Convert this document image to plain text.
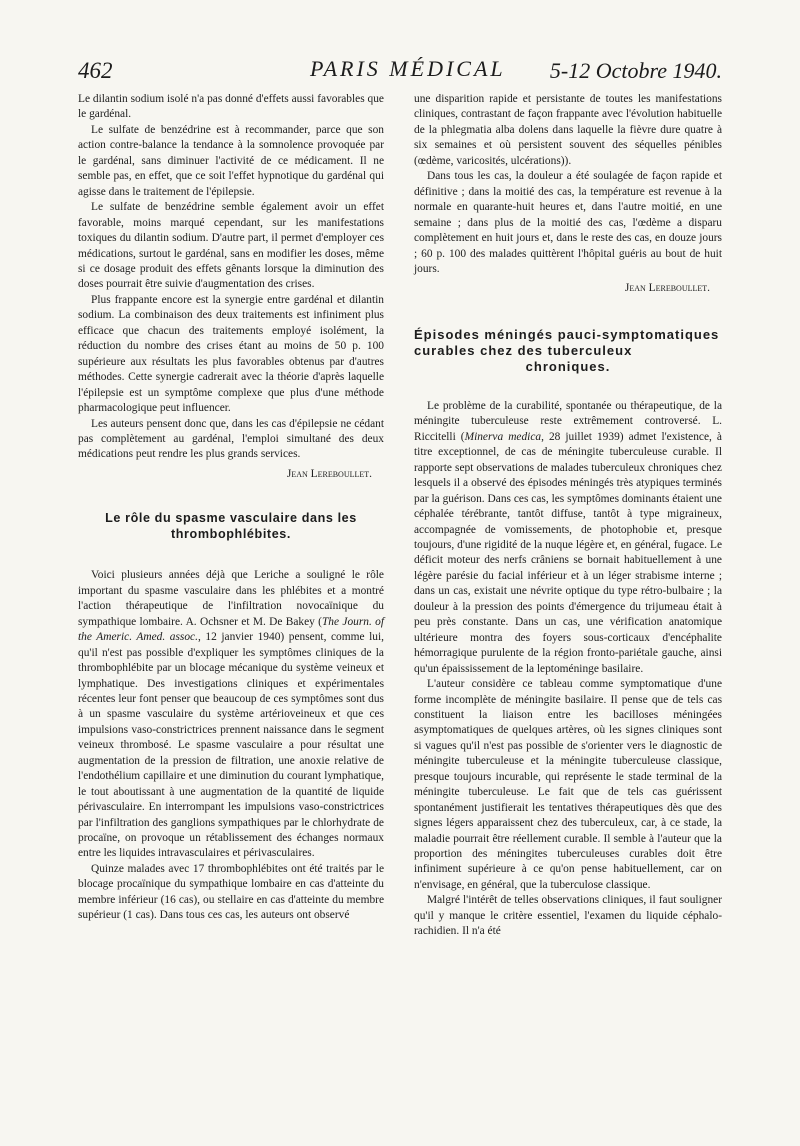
462	PARIS MÉDICAL 5-12 Octobre 1940.

Le dilantin sodium isolé n'a pas donné d'effets aussi favorables que le gardénal.

Le sulfate de benzédrine est à recommander, parce que son action contre-balance la tendance à la somnolence provoquée par le gardénal, sans diminuer l'activité de ce médicament. Il ne semble pas, en effet, que ce soit l'effet hypnotique du gardénal qui agisse dans le traitement de l'épilepsie.

Le sulfate de benzédrine semble également avoir un effet favorable, moins marqué cependant, sur les manifestations toxiques du dilantin sodium. D'autre part, il permet d'employer ces médications, surtout le gardénal, sans en modifier les doses, même si ce dosage produit des effets gênants lorsque la diminution des doses pourrait être suivie d'augmentation des crises.

Plus frappante encore est la synergie entre gardénal et dilantin sodium. La combinaison des deux traitements est infiniment plus efficace que chacun des traitements employé isolément, la réduction du nombre des crises étant au moins de 50 p. 100 supérieure aux résultats les plus favorables obtenus par d'autres méthodes. Cette synergie cadrerait avec la théorie d'après laquelle l'épilepsie est un symptôme complexe que plus d'une méthode pharmacologique peut influencer.

Les auteurs pensent donc que, dans les cas d'épilepsie ne cédant pas complètement au gardénal, l'emploi simultané des deux médications peut rendre les plus grands services.

Jean Lereboullet.
Le rôle du spasme vasculaire dans les thrombophlébites.

Voici plusieurs années déjà que Leriche a souligné le rôle important du spasme vasculaire dans les phlébites et a montré l'action thérapeutique de l'infiltration novocaïnique du sympathique lombaire. A. Ochsner et M. De Bakey (The Journ. of the Americ. Amed. assoc., 12 janvier 1940) pensent, comme lui, qu'il n'est pas possible d'expliquer les symptômes cliniques de la thrombophlébite par un blocage mécanique du système veineux et lymphatique. Des investigations cliniques et expérimentales récentes leur font penser que beaucoup de ces symptômes sont dus à un spasme vasculaire du système artérioveineux et que ces impulsions vaso-constrictrices prennent naissance dans le segment veineux thrombosé. Le spasme vasculaire a pour résultat une augmentation de la pression de filtration, une anoxie relative de l'endothélium capillaire et une diminution du courant lymphatique, le tout aboutissant à une augmentation de la quantité de liquide périvasculaire. En interrompant les impulsions vaso-constrictrices par l'infiltration des ganglions sympathiques par le chlorhydrate de procaïne, on provoque un rétablissement des échanges normaux entre les liquides intravasculaires et périvasculaires.

Quinze malades avec 17 thrombophlébites ont été traités par le blocage procaïnique du sympathique lombaire en cas d'atteinte du membre inférieur (16 cas), ou stellaire en cas d'atteinte du membre supérieur (1 cas). Dans tous ces cas, les auteurs ont observé

une disparition rapide et persistante de toutes les manifestations cliniques, contrastant de façon frappante avec l'évolution habituelle de la phlegmatia alba dolens dans laquelle la fièvre dure quatre à six semaines et où persistent souvent des séquelles pénibles (œdème, varicosités, ulcérations)).

Dans tous les cas, la douleur a été soulagée de façon rapide et définitive ; dans la moitié des cas, la température est revenue à la normale en quarante-huit heures et, dans l'autre moitié, en une semaine ; dans plus de la moitié des cas, l'œdème a disparu complètement en huit jours et, dans le reste des cas, en douze jours ; 60 p. 100 des malades quittèrent l'hôpital guéris au bout de huit jours.

Jean Lereboullet.
Épisodes méningés pauci-symptomatiques curables chez des tuberculeux
chroniques.

Le problème de la curabilité, spontanée ou thérapeutique, de la méningite tuberculeuse reste extrêmement controversé. L. Riccitelli (Minerva medica, 28 juillet 1939) admet l'existence, à titre exceptionnel, de cas de méningite tuberculeuse curable. Il rapporte sept observations de malades tuberculeux chroniques chez lesquels il a observé des épisodes méningés très atypiques terminés par la guérison. Dans ces cas, les symptômes dominants étaient une céphalée térébrante, tantôt diffuse, tantôt à type migraineux, accompagnée de vomissements, de photophobie et, presque toujours, d'une rigidité de la nuque légère et, en général, fugace. Le déficit moteur des nerfs crâniens se bornait habituellement à une légère parésie du facial inférieur et à un léger strabisme interne ; dans un cas, existait une névrite optique du type rétro-bulbaire ; la douleur à la pression des points d'émergence du trijumeau était à peu près constante. Dans un cas, une vérification anatomique ultérieure montra des foyers sous-corticaux d'encéphalite hémorragique purulente de la région fronto-pariétale gauche, ainsi qu'un épaississement de la leptoméninge basilaire.

L'auteur considère ce tableau comme symptomatique d'une forme incomplète de méningite basilaire. Il pense que de tels cas constituent la liaison entre les bacilloses méningées asymptomatiques de quelques artères, où les signes cliniques sont si vagues qu'il n'est pas possible de s'orienter vers le diagnostic de méningite tuberculeuse et la méningite tuberculeuse classique, presque toujours incurable, qui représente le stade terminal de la méningite tuberculeuse. Le fait que de tels cas guérissent spontanément justifierait les tentatives thérapeutiques dès que des signes légers apparaissent chez des tuberculeux, car, à ce stade, la maladie pourrait être réellement curable. Il semble à l'auteur que la proportion des méningites tuberculeuses curables doit être infiniment supérieure à ce qu'on pense habituellement, car on n'envisage, en général, que la tuberculose classique.

Malgré l'intérêt de telles observations cliniques, il faut souligner qu'il y manque le critère essentiel, l'examen du liquide céphalo-rachidien. Il n'a été
